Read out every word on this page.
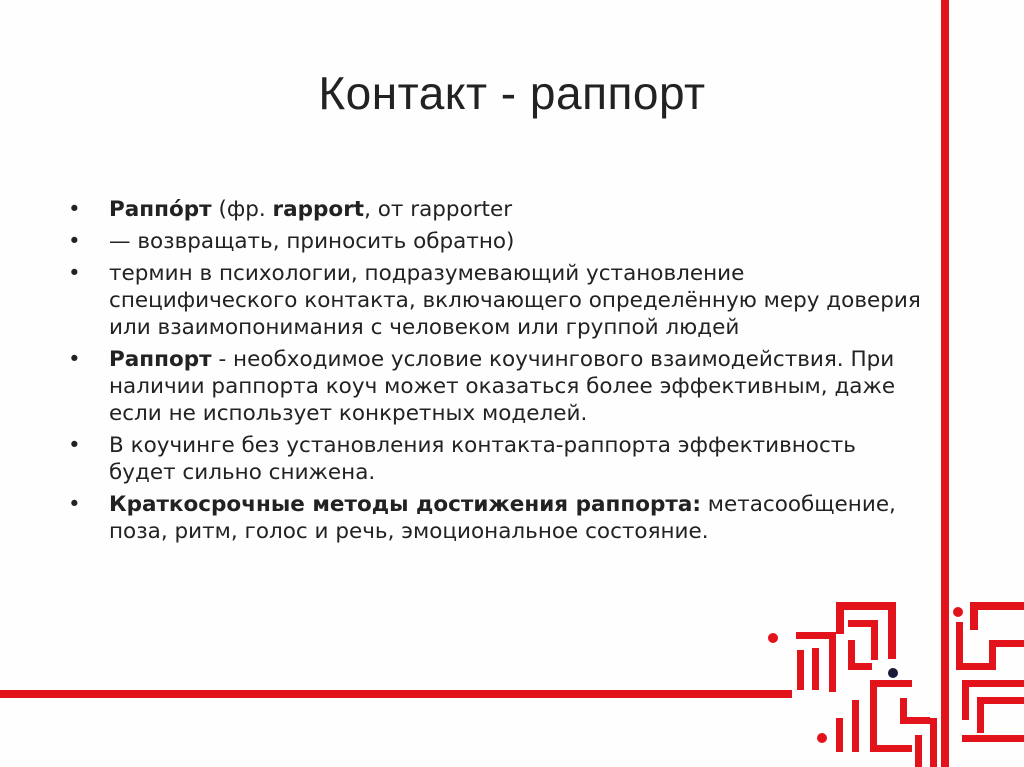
Контакт - раппорт
•	Раппо́рт (фр. rapport, от rapporter
•	— возвращать, приносить обратно)
•	термин в психологии, подразумевающий установление специфического контакта, включающего определённую меру доверия или взаимопонимания с человеком или группой людей
•	Раппорт - необходимое условие коучингового взаимодействия. При наличии раппорта коуч может оказаться более эффективным, даже если не использует конкретных моделей.
•	В коучинге без установления контакта-раппорта эффективность будет сильно снижена.
•	Краткосрочные методы достижения раппорта: метасообщение, поза, ритм, голос и речь, эмоциональное состояние.
